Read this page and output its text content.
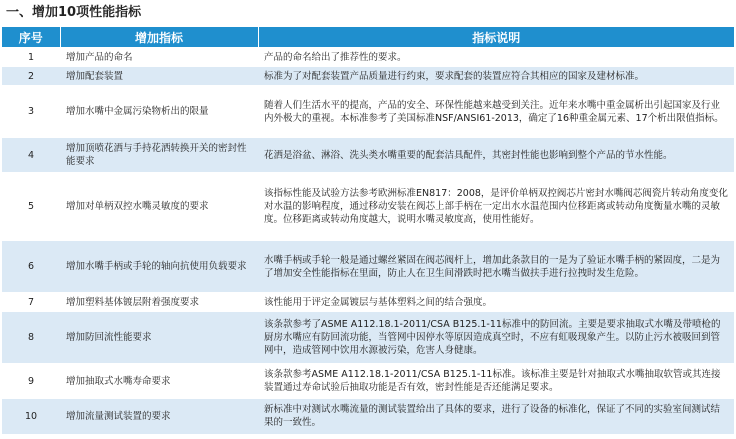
一、增加10项性能指标
序号	增加指标	指标说明
1	增加产品的命名	产品的命名给出了推荐性的要求。
2	增加配套装置	标准为了对配套装置产品质量进行约束，要求配套的装置应符合其相应的国家及建材标准。
3	增加水嘴中金属污染物析出的限量	随着人们生活水平的提高，产品的安全、环保性能越来越受到关注。近年来水嘴中重金属析出引起国家及行业内外极大的重视。本标准参考了美国标准NSF/ANSI61-2013，确定了16种重金属元素、17个析出限值指标。
4	增加顶喷花洒与手持花洒转换开关的密封性能要求	花洒是浴盆、淋浴、洗头类水嘴重要的配套洁具配件，其密封性能也影响到整个产品的节水性能。
5	增加对单柄双控水嘴灵敏度的要求	该指标性能及试验方法参考欧洲标准EN817：2008，是评价单柄双控阀芯片密封水嘴阀芯阀瓷片转动角度变化对水温的影响程度，通过移动安装在阀芯上部手柄在一定出水水温范围内位移距离或转动角度衡量水嘴的灵敏度。位移距离或转动角度越大，说明水嘴灵敏度高，使用性能好。
6	增加水嘴手柄或手轮的轴向抗使用负载要求	水嘴手柄或手轮一般是通过螺丝紧固在阀芯阀杆上，增加此条款目的一是为了验证水嘴手柄的紧固度，二是为了增加安全性能指标在里面，防止人在卫生间滑跌时把水嘴当做扶手进行拉拽时发生危险。
7	增加塑料基体镀层附着强度要求	该性能用于评定金属镀层与基体塑料之间的结合强度。
8	增加防回流性能要求	该条款参考了ASME A112.18.1-2011/CSA B125.1-11标准中的防回流。主要是要求抽取式水嘴及带喷枪的厨房水嘴应有防回流功能，当管网中因停水等原因造成真空时，不应有虹吸现象产生。以防止污水被吸回到管网中，造成管网中饮用水源被污染，危害人身健康。
9	增加抽取式水嘴寿命要求	该条款参考ASME A112.18.1-2011/CSA B125.1-11标准。该标准主要是针对抽取式水嘴抽取软管或其连接装置通过寿命试验后抽取功能是否有效，密封性能是否还能满足要求。
10	增加流量测试装置的要求	新标准中对测试水嘴流量的测试装置给出了具体的要求，进行了设备的标准化，保证了不同的实验室间测试结果的一致性。
